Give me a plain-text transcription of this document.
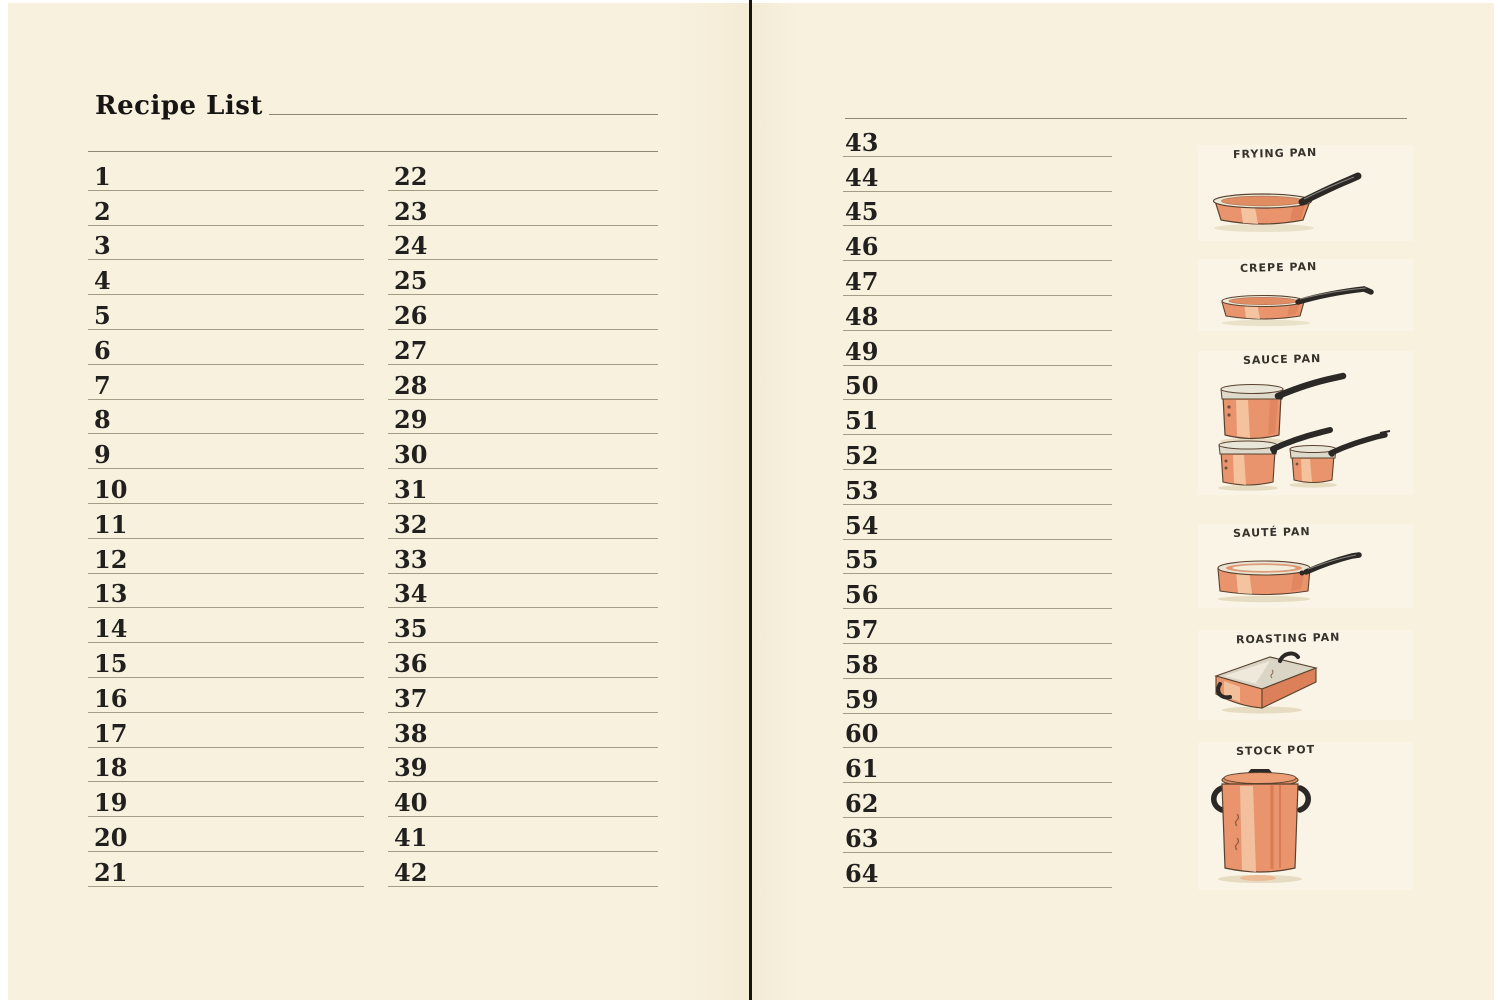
Recipe List
1
2
3
4
5
6
7
8
9
10
11
12
13
14
15
16
17
18
19
20
21
22
23
24
25
26
27
28
29
30
31
32
33
34
35
36
37
38
39
40
41
42
43
44
45
46
47
48
49
50
51
52
53
54
55
56
57
58
59
60
61
62
63
64
FRYING PAN
CREPE PAN
SAUCE PAN
SAUTÉ PAN
ROASTING PAN
STOCK POT
